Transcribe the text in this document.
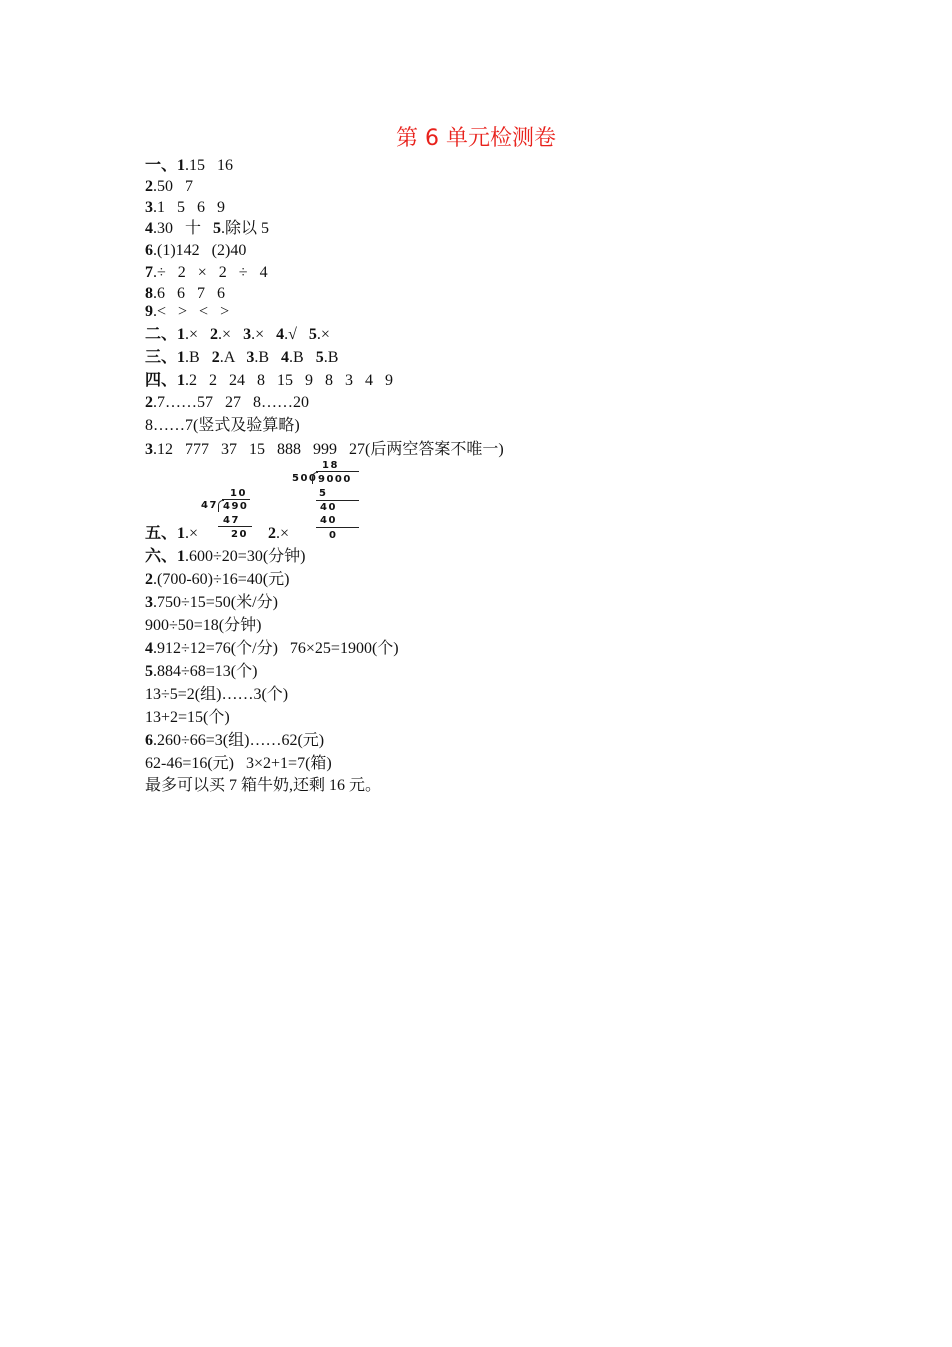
第 6 单元检测卷
一、1.15   16
2.50   7
3.1   5   6   9
4.30   十   5.除以 5
6.(1)142   (2)40
7.÷   2   ×   2   ÷   4
8.6   6   7   6
9.<   >   <   >
二、1.×   2.×   3.×   4.√   5.×
三、1.B   2.A   3.B   4.B   5.B
四、1.2   2   24   8   15   9   8   3   4   9
2.7……57   27   8……20
8……7(竖式及验算略)
3.12   777   37   15   888   999   27(后两空答案不唯一)
五、1.×	2.×
10
47 490
47
20
18
500 9000
5
40
40
0
六、1.600÷20=30(分钟)
2.(700-60)÷16=40(元)
3.750÷15=50(米/分)
900÷50=18(分钟)
4.912÷12=76(个/分)   76×25=1900(个)
5.884÷68=13(个)
13÷5=2(组)……3(个)
13+2=15(个)
6.260÷66=3(组)……62(元)
62-46=16(元)   3×2+1=7(箱)
最多可以买 7 箱牛奶,还剩 16 元。
